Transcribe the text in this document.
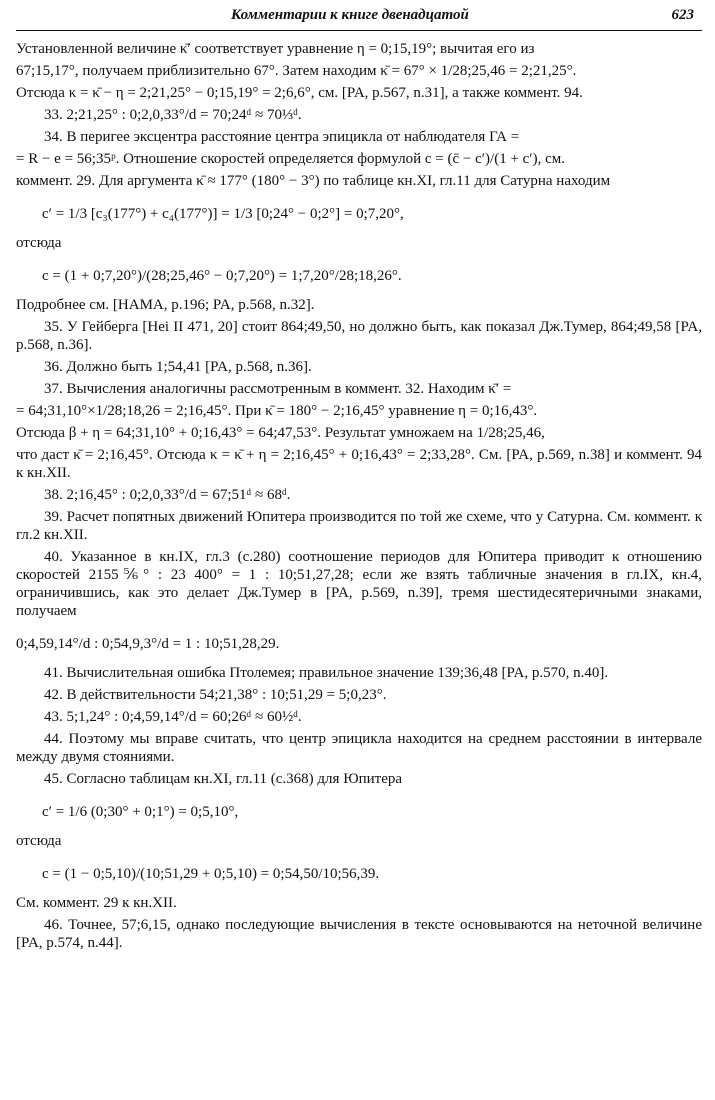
Комментарии к книге двенадцатой	623

Установленной величине κ̄′ соответствует уравнение η = 0;15,19°; вычитая его из

67;15,17°, получаем приблизительно 67°. Затем находим κ̄ = 67° × 1/28;25,46 = 2;21,25°.

Отсюда κ = κ̄ − η = 2;21,25° − 0;15,19° = 2;6,6°, см. [PA, p.567, n.31], а также коммент. 94.

33. 2;21,25° : 0;2,0,33°/d = 70;24ᵈ ≈ 70⅓ᵈ.

34. В перигее эксцентра расстояние центра эпицикла от наблюдателя ГА =

= R − e = 56;35ᵖ. Отношение скоростей определяется формулой c = (c̄ − c′)/(1 + c′), см.

коммент. 29. Для аргумента κ̄ ≈ 177° (180° − 3°) по таблице кн.XI, гл.11 для Сатурна находим

c′ = 1/3 [c₃(177°) + c₄(177°)] = 1/3 [0;24° − 0;2°] = 0;7,20°,

отсюда

c = (1 + 0;7,20°)/(28;25,46° − 0;7,20°) = 1;7,20°/28;18,26°.

Подробнее см. [HAMA, p.196; PA, p.568, n.32].

35. У Гейберга [Hei II 471, 20] стоит 864;49,50, но должно быть, как показал Дж.Тумер, 864;49,58 [PA, p.568, n.36].

36. Должно быть 1;54,41 [PA, p.568, n.36].

37. Вычисления аналогичны рассмотренным в коммент. 32. Находим κ̄′ =

= 64;31,10°×1/28;18,26 = 2;16,45°. При κ̄ = 180° − 2;16,45° уравнение η = 0;16,43°.

Отсюда β + η = 64;31,10° + 0;16,43° = 64;47,53°. Результат умножаем на 1/28;25,46,

что даст κ̄ = 2;16,45°. Отсюда κ = κ̄ + η = 2;16,45° + 0;16,43° = 2;33,28°. См. [PA, p.569, n.38] и коммент. 94 к кн.XII.

38. 2;16,45° : 0;2,0,33°/d = 67;51ᵈ ≈ 68ᵈ.

39. Расчет попятных движений Юпитера производится по той же схеме, что у Сатурна. См. коммент. к гл.2 кн.XII.

40. Указанное в кн.IX, гл.3 (с.280) соотношение периодов для Юпитера приводит к отношению скоростей 2155⅚° : 23 400° = 1 : 10;51,27,28; если же взять табличные значения в гл.IX, кн.4, ограничившись, как это делает Дж.Тумер в [PA, p.569, n.39], тремя шестидесятеричными знаками, получаем

0;4,59,14°/d : 0;54,9,3°/d = 1 : 10;51,28,29.

41. Вычислительная ошибка Птолемея; правильное значение 139;36,48 [PA, p.570, n.40].

42. В действительности 54;21,38° : 10;51,29 = 5;0,23°.

43. 5;1,24° : 0;4,59,14°/d = 60;26ᵈ ≈ 60½ᵈ.

44. Поэтому мы вправе считать, что центр эпицикла находится на среднем расстоянии в интервале между двумя стояниями.

45. Согласно таблицам кн.XI, гл.11 (с.368) для Юпитера

c′ = 1/6 (0;30° + 0;1°) = 0;5,10°,

отсюда

c = (1 − 0;5,10)/(10;51,29 + 0;5,10) = 0;54,50/10;56,39.

См. коммент. 29 к кн.XII.

46. Точнее, 57;6,15, однако последующие вычисления в тексте основываются на неточной величине [PA, p.574, n.44].
